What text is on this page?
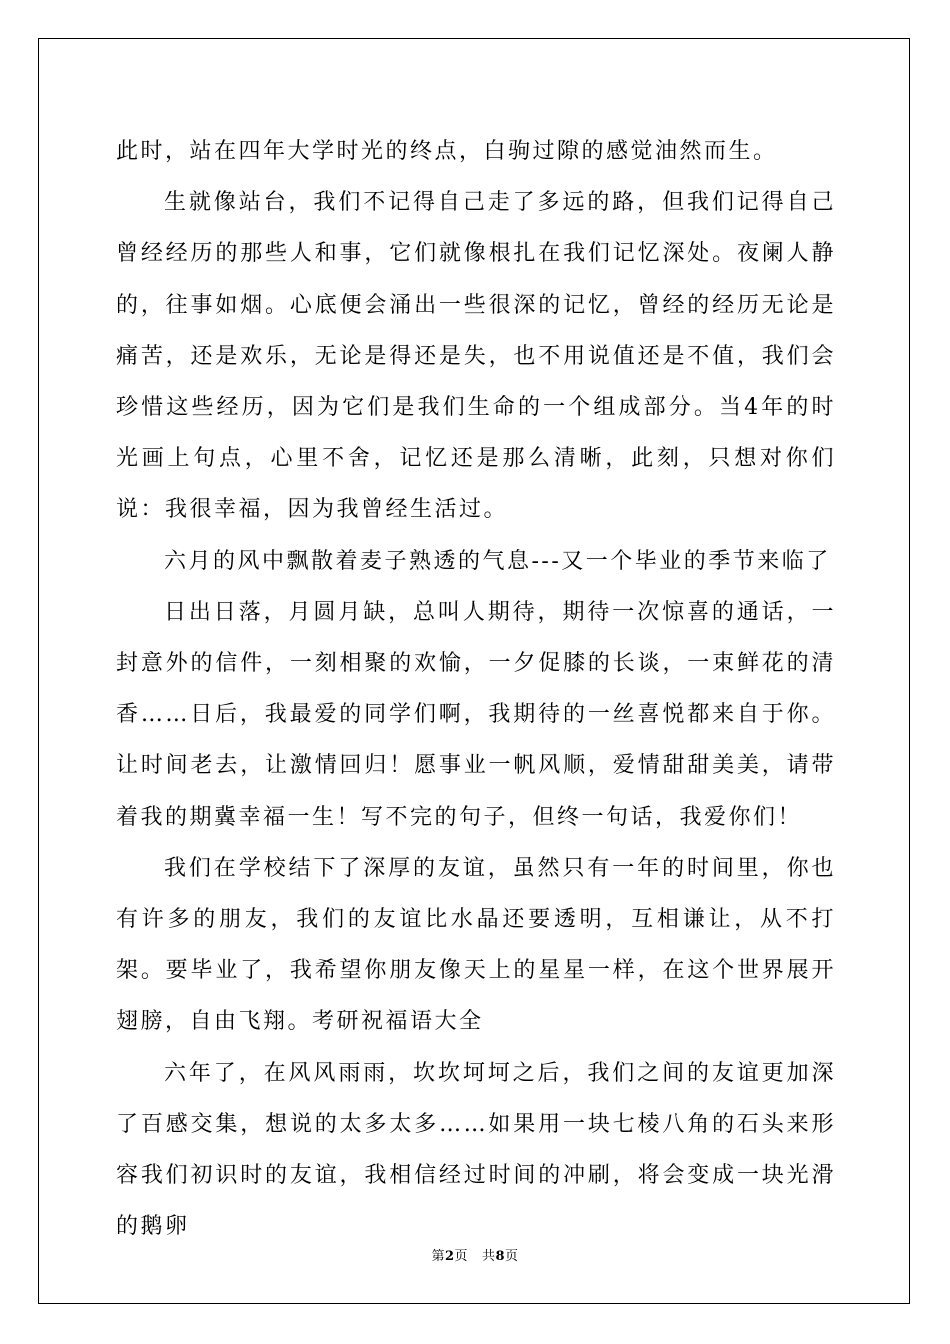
此时，站在四年大学时光的终点，白驹过隙的感觉油然而生。

生就像站台，我们不记得自己走了多远的路，但我们记得自己曾经经历的那些人和事，它们就像根扎在我们记忆深处。夜阑人静的，往事如烟。心底便会涌出一些很深的记忆，曾经的经历无论是痛苦，还是欢乐，无论是得还是失，也不用说值还是不值，我们会珍惜这些经历，因为它们是我们生命的一个组成部分。当4年的时光画上句点，心里不舍，记忆还是那么清晰，此刻，只想对你们说：我很幸福，因为我曾经生活过。

六月的风中飘散着麦子熟透的气息---又一个毕业的季节来临了

日出日落，月圆月缺，总叫人期待，期待一次惊喜的通话，一封意外的信件，一刻相聚的欢愉，一夕促膝的长谈，一束鲜花的清香……日后，我最爱的同学们啊，我期待的一丝喜悦都来自于你。让时间老去，让激情回归！愿事业一帆风顺，爱情甜甜美美，请带着我的期冀幸福一生！写不完的句子，但终一句话，我爱你们！

我们在学校结下了深厚的友谊，虽然只有一年的时间里，你也有许多的朋友，我们的友谊比水晶还要透明，互相谦让，从不打架。要毕业了，我希望你朋友像天上的星星一样，在这个世界展开翅膀，自由飞翔。考研祝福语大全

六年了，在风风雨雨，坎坎坷坷之后，我们之间的友谊更加深了百感交集，想说的太多太多……如果用一块七棱八角的石头来形容我们初识时的友谊，我相信经过时间的冲刷，将会变成一块光滑的鹅卵

第2页 共8页
